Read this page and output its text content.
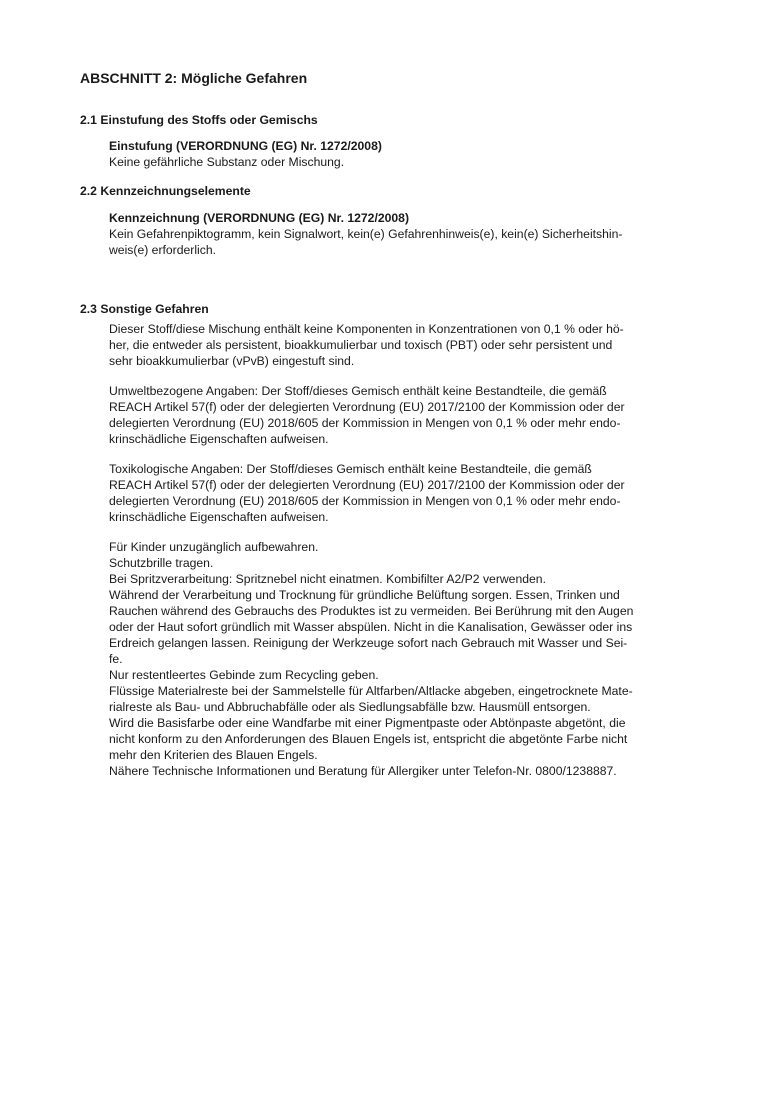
ABSCHNITT 2: Mögliche Gefahren
2.1 Einstufung des Stoffs oder Gemischs
Einstufung (VERORDNUNG (EG) Nr. 1272/2008)
Keine gefährliche Substanz oder Mischung.
2.2 Kennzeichnungselemente
Kennzeichnung (VERORDNUNG (EG) Nr. 1272/2008)
Kein Gefahrenpiktogramm, kein Signalwort, kein(e) Gefahrenhinweis(e), kein(e) Sicherheitshin-
weis(e) erforderlich.
2.3 Sonstige Gefahren
Dieser Stoff/diese Mischung enthält keine Komponenten in Konzentrationen von 0,1 % oder hö-
her, die entweder als persistent, bioakkumulierbar und toxisch (PBT) oder sehr persistent und
sehr bioakkumulierbar (vPvB) eingestuft sind.
Umweltbezogene Angaben: Der Stoff/dieses Gemisch enthält keine Bestandteile, die gemäß
REACH Artikel 57(f) oder der delegierten Verordnung (EU) 2017/2100 der Kommission oder der
delegierten Verordnung (EU) 2018/605 der Kommission in Mengen von 0,1 % oder mehr endo-
krinschädliche Eigenschaften aufweisen.
Toxikologische Angaben: Der Stoff/dieses Gemisch enthält keine Bestandteile, die gemäß
REACH Artikel 57(f) oder der delegierten Verordnung (EU) 2017/2100 der Kommission oder der
delegierten Verordnung (EU) 2018/605 der Kommission in Mengen von 0,1 % oder mehr endo-
krinschädliche Eigenschaften aufweisen.
Für Kinder unzugänglich aufbewahren.
Schutzbrille tragen.
Bei Spritzverarbeitung: Spritznebel nicht einatmen. Kombifilter A2/P2 verwenden.
Während der Verarbeitung und Trocknung für gründliche Belüftung sorgen. Essen, Trinken und
Rauchen während des Gebrauchs des Produktes ist zu vermeiden. Bei Berührung mit den Augen
oder der Haut sofort gründlich mit Wasser abspülen. Nicht in die Kanalisation, Gewässer oder ins
Erdreich gelangen lassen. Reinigung der Werkzeuge sofort nach Gebrauch mit Wasser und Sei-
fe.
Nur restentleertes Gebinde zum Recycling geben.
Flüssige Materialreste bei der Sammelstelle für Altfarben/Altlacke abgeben, eingetrocknete Mate-
rialreste als Bau- und Abbruchabfälle oder als Siedlungsabfälle bzw. Hausmüll entsorgen.
Wird die Basisfarbe oder eine Wandfarbe mit einer Pigmentpaste oder Abtönpaste abgetönt, die
nicht konform zu den Anforderungen des Blauen Engels ist, entspricht die abgetönte Farbe nicht
mehr den Kriterien des Blauen Engels.
Nähere Technische Informationen und Beratung für Allergiker unter Telefon-Nr. 0800/1238887.
